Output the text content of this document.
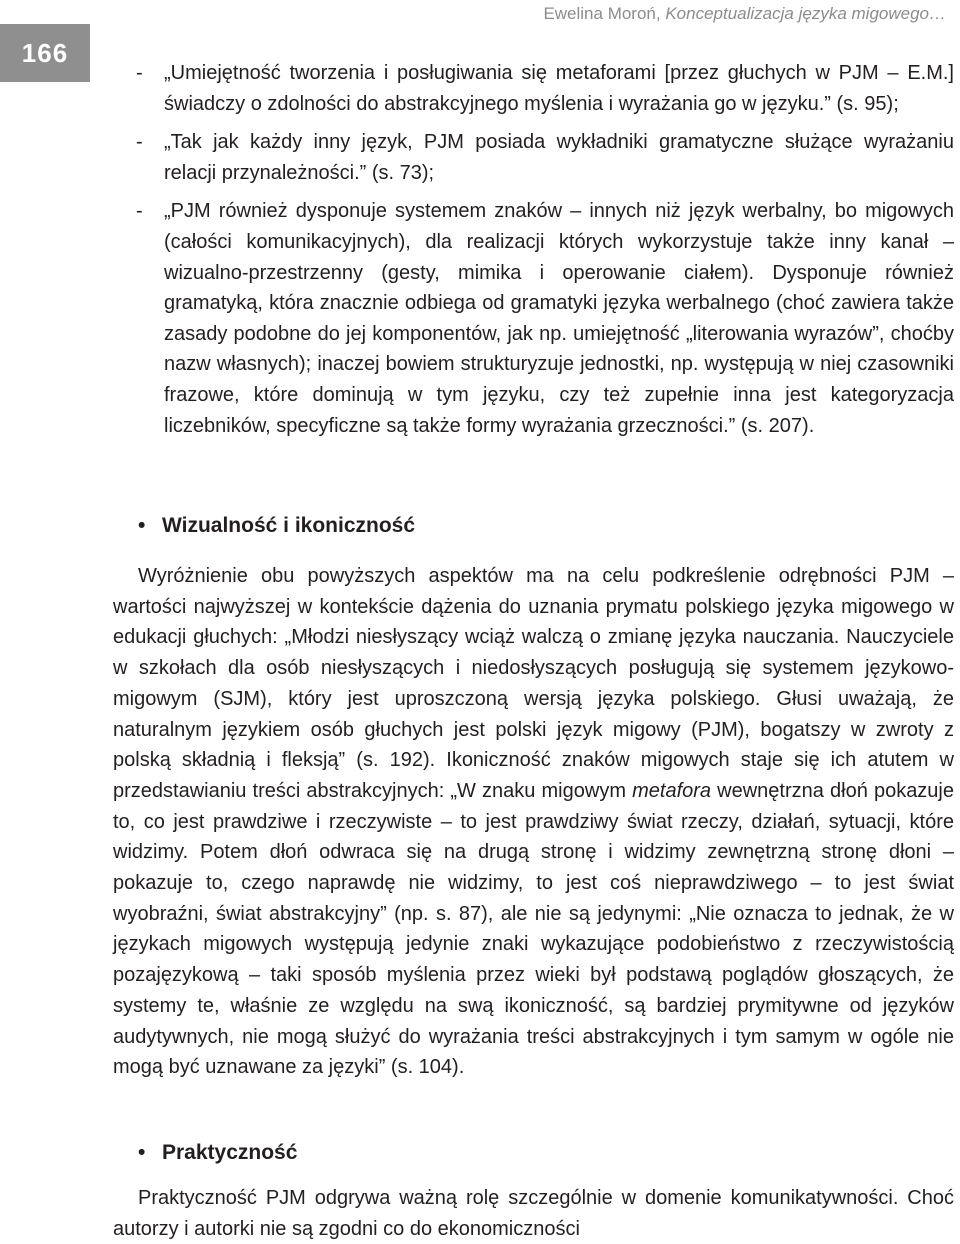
Ewelina Moroń, Konceptualizacja języka migowego…
166
- „Umiejętność tworzenia i posługiwania się metaforami [przez głuchych w PJM – E.M.] świadczy o zdolności do abstrakcyjnego myślenia i wyrażania go w języku.” (s. 95);
- „Tak jak każdy inny język, PJM posiada wykładniki gramatyczne służące wyrażaniu relacji przynależności.” (s. 73);
- „PJM również dysponuje systemem znaków – innych niż język werbalny, bo migowych (całości komunikacyjnych), dla realizacji których wykorzystuje także inny kanał – wizualno-przestrzenny (gesty, mimika i operowanie ciałem). Dysponuje również gramatyką, która znacznie odbiega od gramatyki języka werbalnego (choć zawiera także zasady podobne do jej komponentów, jak np. umiejętność „literowania wyrazów”, choćby nazw własnych); inaczej bowiem strukturyzuje jednostki, np. występują w niej czasowniki frazowe, które dominują w tym języku, czy też zupełnie inna jest kategoryzacja liczebników, specyficzne są także formy wyrażania grzeczności.” (s. 207).
• Wizualność i ikoniczność

Wyróżnienie obu powyższych aspektów ma na celu podkreślenie odrębności PJM – wartości najwyższej w kontekście dążenia do uznania prymatu polskiego języka migowego w edukacji głuchych: „Młodzi niesłyszący wciąż walczą o zmianę języka nauczania. Nauczyciele w szkołach dla osób niesłyszących i niedosłyszących posługują się systemem językowo-migowym (SJM), który jest uproszczoną wersją języka polskiego. Głusi uważają, że naturalnym językiem osób głuchych jest polski język migowy (PJM), bogatszy w zwroty z polską składnią i fleksją” (s. 192). Ikoniczność znaków migowych staje się ich atutem w przedstawianiu treści abstrakcyjnych: „W znaku migowym metafora wewnętrzna dłoń pokazuje to, co jest prawdziwe i rzeczywiste – to jest prawdziwy świat rzeczy, działań, sytuacji, które widzimy. Potem dłoń odwraca się na drugą stronę i widzimy zewnętrzną stronę dłoni – pokazuje to, czego naprawdę nie widzimy, to jest coś nieprawdziwego – to jest świat wyobraźni, świat abstrakcyjny” (np. s. 87), ale nie są jedynymi: „Nie oznacza to jednak, że w językach migowych występują jedynie znaki wykazujące podobieństwo z rzeczywistością pozajęzykową – taki sposób myślenia przez wieki był podstawą poglądów głoszących, że systemy te, właśnie ze względu na swą ikoniczność, są bardziej prymitywne od języków audytywnych, nie mogą służyć do wyrażania treści abstrakcyjnych i tym samym w ogóle nie mogą być uznawane za języki” (s. 104).

• Praktyczność

Praktyczność PJM odgrywa ważną rolę szczególnie w domenie komunikatywności. Choć autorzy i autorki nie są zgodni co do ekonomiczności
